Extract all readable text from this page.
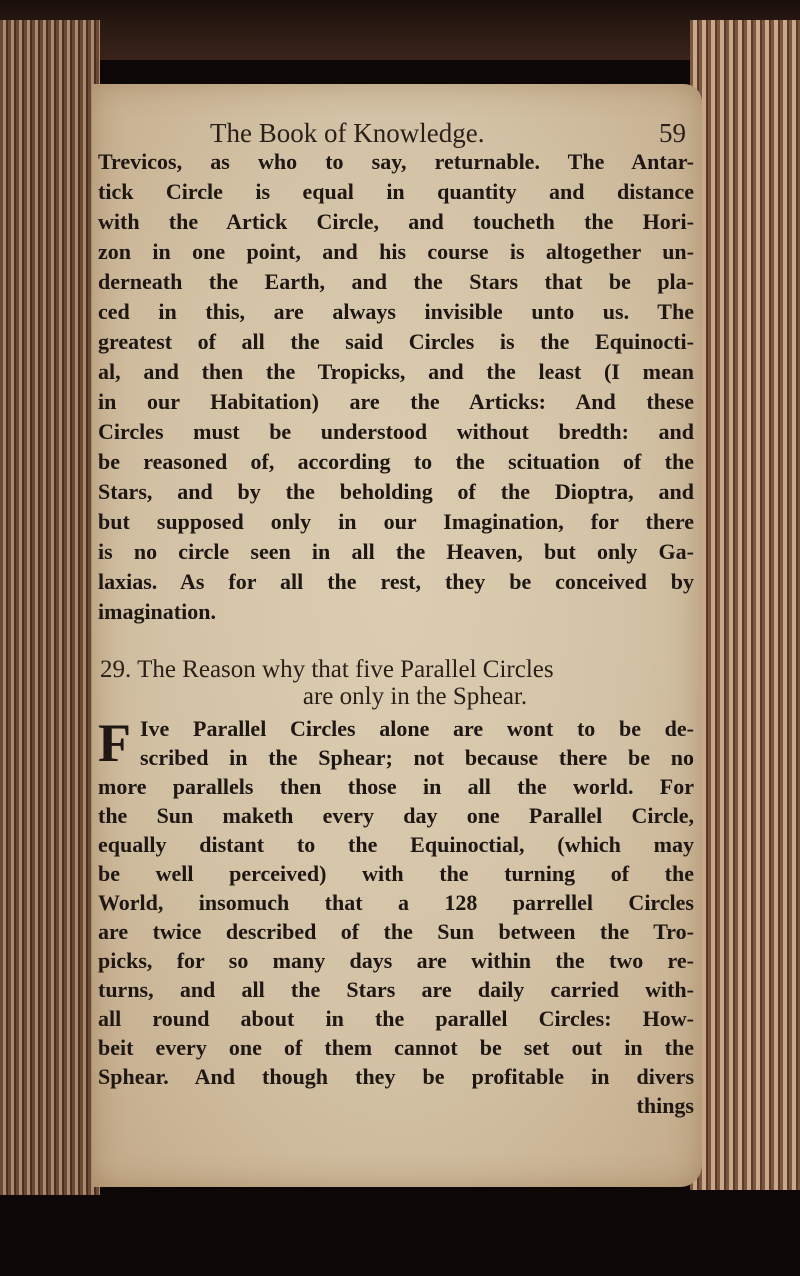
The Book of Knowledge.	59
Trevicos, as who to say, returnable. The Antar-
tick Circle is equal in quantity and distance
with the Artick Circle, and toucheth the Hori-
zon in one point, and his course is altogether un-
derneath the Earth, and the Stars that be pla-
ced in this, are always invisible unto us. The
greatest of all the said Circles is the Equinocti-
al, and then the Tropicks, and the least (I mean
in our Habitation) are the Articks: And these
Circles must be understood without bredth: and
be reasoned of, according to the scituation of the
Stars, and by the beholding of the Dioptra, and
but supposed only in our Imagination, for there
is no circle seen in all the Heaven, but only Ga-
laxias. As for all the rest, they be conceived by
imagination.
29. The Reason why that five Parallel Circles
are only in the Sphear.
F Ive Parallel Circles alone are wont to be de-
scribed in the Sphear; not because there be no
more parallels then those in all the world. For
the Sun maketh every day one Parallel Circle,
equally distant to the Equinoctial, (which may
be well perceived) with the turning of the
World, insomuch that a 128 parrellel Circles
are twice described of the Sun between the Tro-
picks, for so many days are within the two re-
turns, and all the Stars are daily carried with-
all round about in the parallel Circles: How-
beit every one of them cannot be set out in the
Sphear. And though they be profitable in divers
things
